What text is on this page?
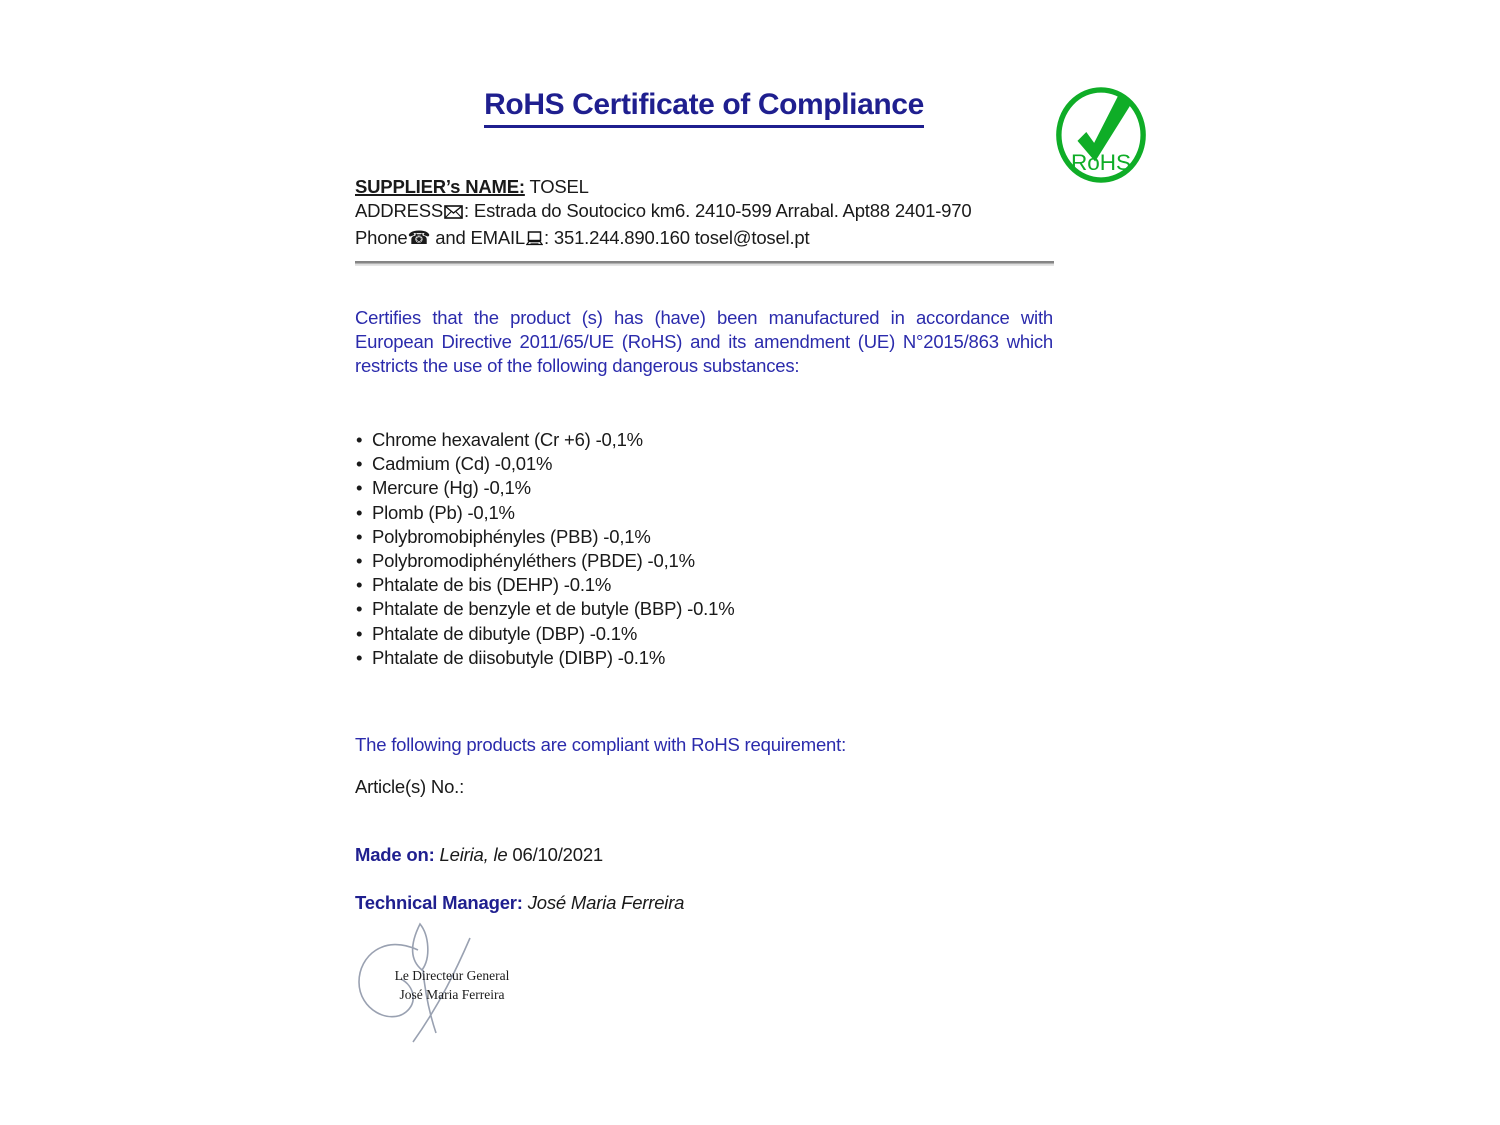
RoHS Certificate of Compliance
RoHS
SUPPLIER’s NAME: TOSEL
ADDRESS : Estrada do Soutocico km6. 2410-599 Arrabal. Apt88 2401-970
Phone☎ and EMAIL : 351.244.890.160 tosel@tosel.pt
Certifies that the product (s) has (have) been manufactured in accordance with European Directive 2011/65/UE (RoHS) and its amendment (UE) N°2015/863 which restricts the use of the following dangerous substances:
• Chrome hexavalent (Cr +6) -0,1%
• Cadmium (Cd) -0,01%
• Mercure (Hg) -0,1%
• Plomb (Pb) -0,1%
• Polybromobiphényles (PBB) -0,1%
• Polybromodiphényléthers (PBDE) -0,1%
• Phtalate de bis (DEHP) -0.1%
• Phtalate de benzyle et de butyle (BBP) -0.1%
• Phtalate de dibutyle (DBP) -0.1%
• Phtalate de diisobutyle (DIBP) -0.1%
The following products are compliant with RoHS requirement:
Article(s) No.:
Made on: Leiria, le 06/10/2021
Technical Manager: José Maria Ferreira
Le Directeur General
José Maria Ferreira
